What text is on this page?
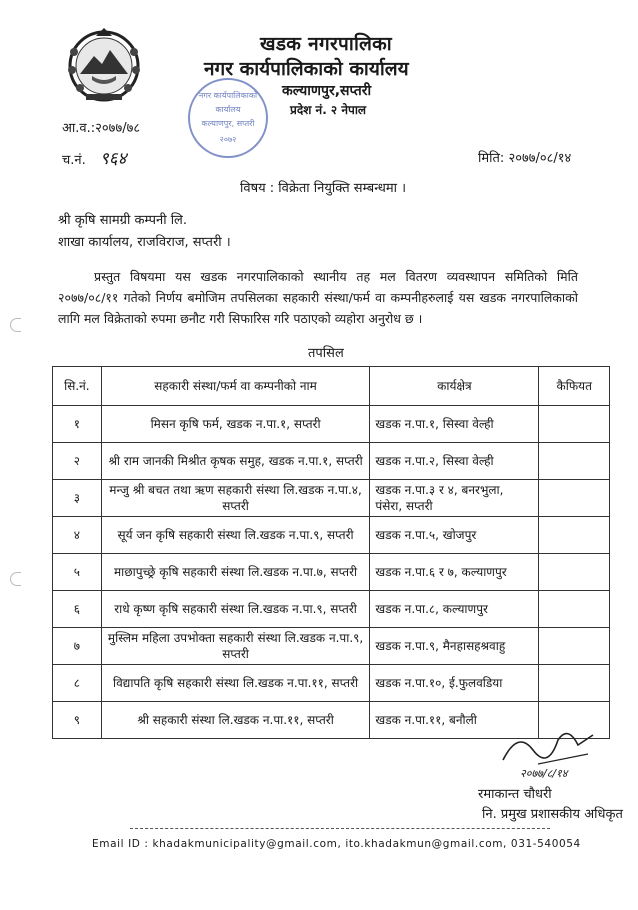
खडक नगरपालिका
नगर कार्यपालिकाको कार्यालय
कल्याणपुर,सप्तरी
प्रदेश नं. २ नेपाल
नगर कार्यपालिकाको
कार्यालय
कल्याणपुर, सप्तरी
२०७२
आ.व.:२०७७/७८
च.नं. ९६४	मिति: २०७७/०८/१४
विषय : विक्रेता नियुक्ति सम्बन्धमा ।
श्री कृषि सामग्री कम्पनी लि.
शाखा कार्यालय, राजविराज, सप्तरी ।
प्रस्तुत विषयमा यस खडक नगरपालिकाको स्थानीय तह मल वितरण व्यवस्थापन समितिको मिति २०७७/०८/११ गतेको निर्णय बमोजिम तपसिलका सहकारी संस्था/फर्म वा कम्पनीहरुलाई यस खडक नगरपालिकाको लागि मल विक्रेताको रुपमा छनौट गरी सिफारिस गरि पठाएको व्यहोरा अनुरोध छ ।
तपसिल
सि.नं.	सहकारी संस्था/फर्म वा कम्पनीको नाम	कार्यक्षेत्र	कैफियत
१	मिसन कृषि फर्म, खडक न.पा.१, सप्तरी	खडक न.पा.१, सिस्वा वेल्ही	
२	श्री राम जानकी मिश्रीत कृषक समुह, खडक न.पा.१, सप्तरी	खडक न.पा.२, सिस्वा वेल्ही	
३	मन्जु श्री बचत तथा ऋण सहकारी संस्था लि.खडक न.पा.४, सप्तरी	खडक न.पा.३ र ४, बनरभुला, पंसेरा, सप्तरी	
४	सूर्य जन कृषि सहकारी संस्था लि.खडक न.पा.९, सप्तरी	खडक न.पा.५, खोजपुर	
५	माछापुच्छ्रे कृषि सहकारी संस्था लि.खडक न.पा.७, सप्तरी	खडक न.पा.६ र ७, कल्याणपुर	
६	राधे कृष्ण कृषि सहकारी संस्था लि.खडक न.पा.९, सप्तरी	खडक न.पा.८, कल्याणपुर	
७	मुस्लिम महिला उपभोक्ता सहकारी संस्था लि.खडक न.पा.९, सप्तरी	खडक न.पा.९, मैनहासहश्रवाहु	
८	विद्यापति कृषि सहकारी संस्था लि.खडक न.पा.११, सप्तरी	खडक न.पा.१०, ई.फुलवडिया	
९	श्री सहकारी संस्था लि.खडक न.पा.११, सप्तरी	खडक न.पा.११, बनौली	
२०७७/८/१४
रमाकान्त चौधरी
नि. प्रमुख प्रशासकीय अधिकृत
Email ID : khadakmunicipality@gmail.com, ito.khadakmun@gmail.com, 031-540054
